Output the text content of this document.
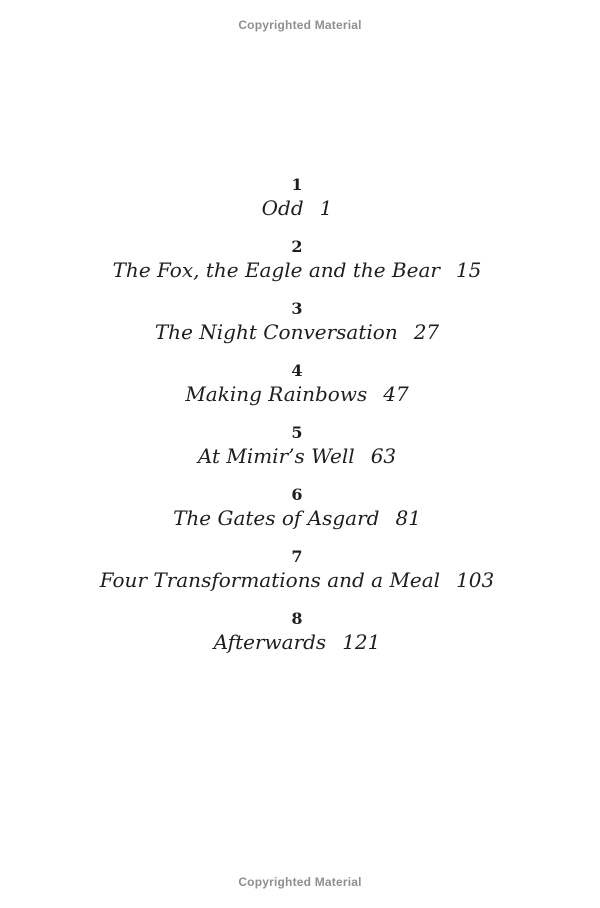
Copyrighted Material
1
Odd 1
2
The Fox, the Eagle and the Bear 15
3
The Night Conversation 27
4
Making Rainbows 47
5
At Mimir’s Well 63
6
The Gates of Asgard 81
7
Four Transformations and a Meal 103
8
Afterwards 121
Copyrighted Material
